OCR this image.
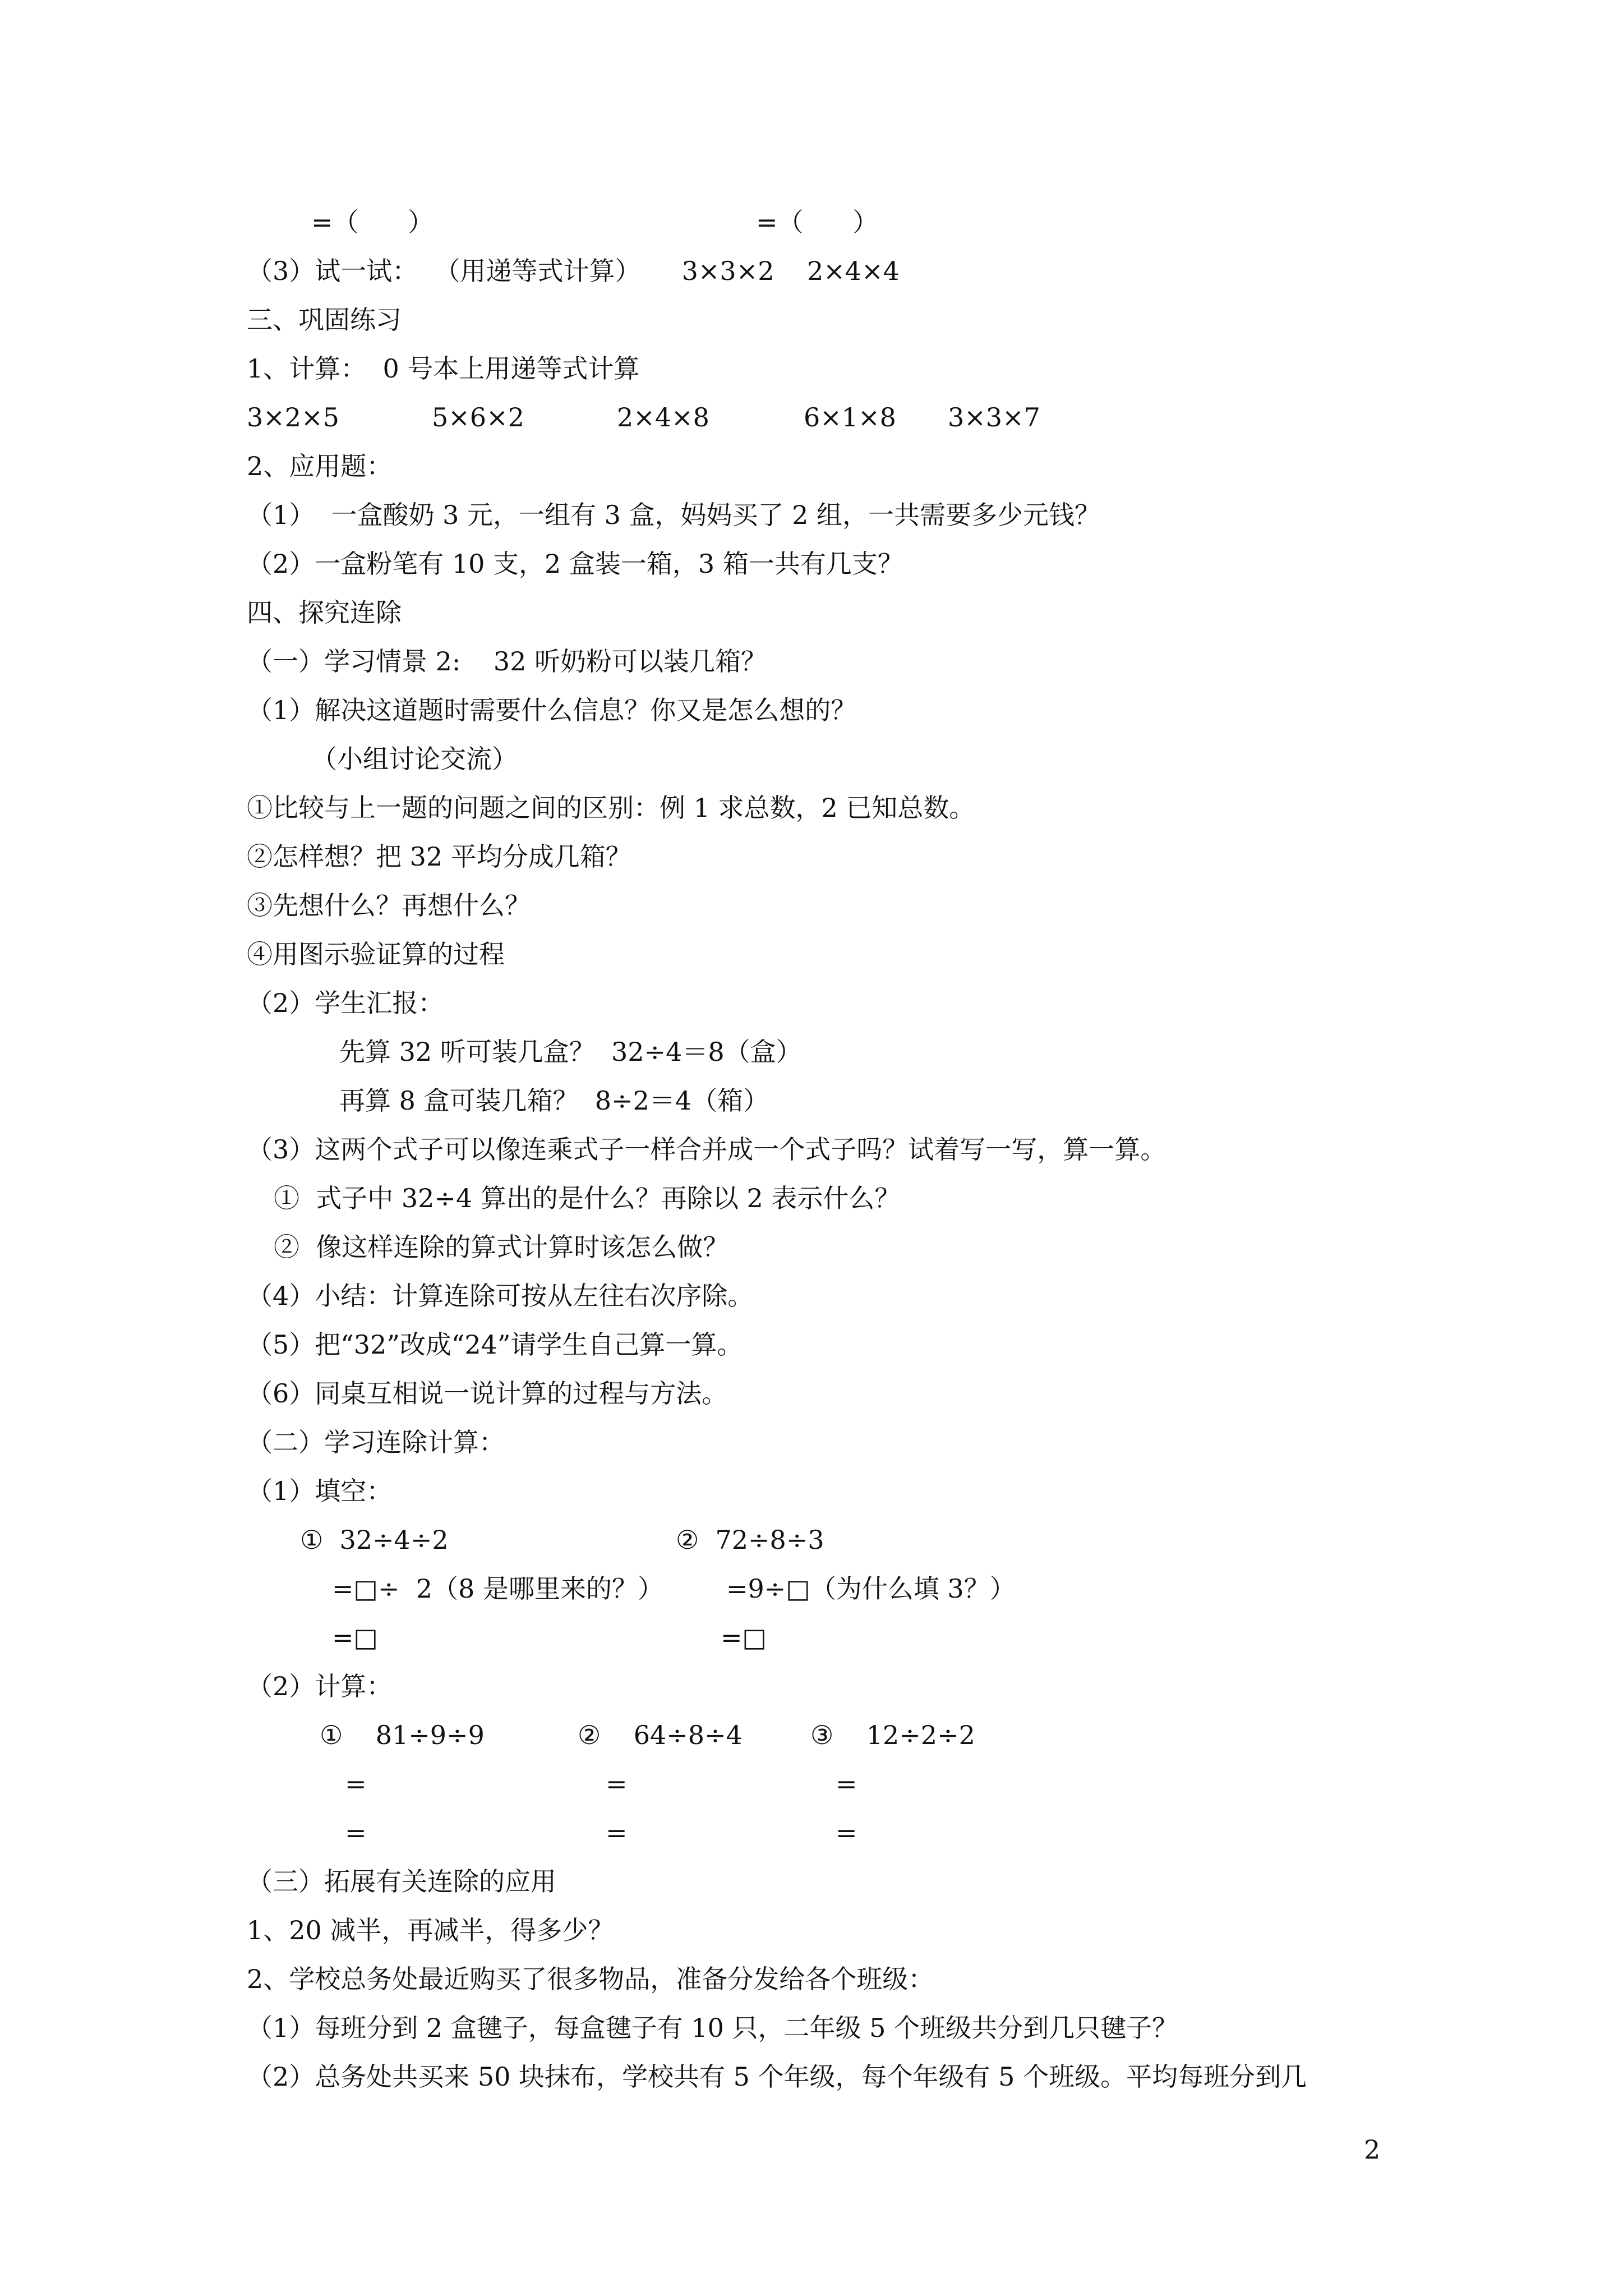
=（      ）	=（      ）
（3）试一试：  （用递等式计算）     3×3×2    2×4×4
三、巩固练习
1、计算：  0 号本上用递等式计算
3×2×5	5×6×2	2×4×8	6×1×8 3×3×7
2、应用题：
（1）  一盒酸奶 3 元，一组有 3 盒，妈妈买了 2 组，一共需要多少元钱？
（2）一盒粉笔有 10 支，2 盒装一箱，3 箱一共有几支？
四、探究连除
（一）学习情景 2:    32 听奶粉可以装几箱？
（1）解决这道题时需要什么信息？你又是怎么想的？
（小组讨论交流）
①比较与上一题的问题之间的区别：例 1 求总数，2 已知总数。
②怎样想？把 32 平均分成几箱？
③先想什么？再想什么？
④用图示验证算的过程
（2）学生汇报：
先算 32 听可装几盒？  32÷4＝8（盒）
再算 8 盒可装几箱？  8÷2＝4（箱）
（3）这两个式子可以像连乘式子一样合并成一个式子吗？试着写一写，算一算。
①  式子中 32÷4 算出的是什么？再除以 2 表示什么？
②  像这样连除的算式计算时该怎么做？
（4）小结：计算连除可按从左往右次序除。
（5）把“32”改成“24”请学生自己算一算。
（6）同桌互相说一说计算的过程与方法。
（二）学习连除计算：
（1）填空：
①  32÷4÷2	②  72÷8÷3
=□÷  2（8 是哪里来的？） =9÷□（为什么填 3？）
=□	=□
（2）计算：
①    81÷9÷9	②    64÷8÷4	③    12÷2÷2
=	=	=
=	=	=
（三）拓展有关连除的应用
1、20 减半，再减半，得多少？
2、学校总务处最近购买了很多物品，准备分发给各个班级：
（1）每班分到 2 盒毽子，每盒毽子有 10 只，二年级 5 个班级共分到几只毽子？
（2）总务处共买来 50 块抹布，学校共有 5 个年级，每个年级有 5 个班级。平均每班分到几
2
